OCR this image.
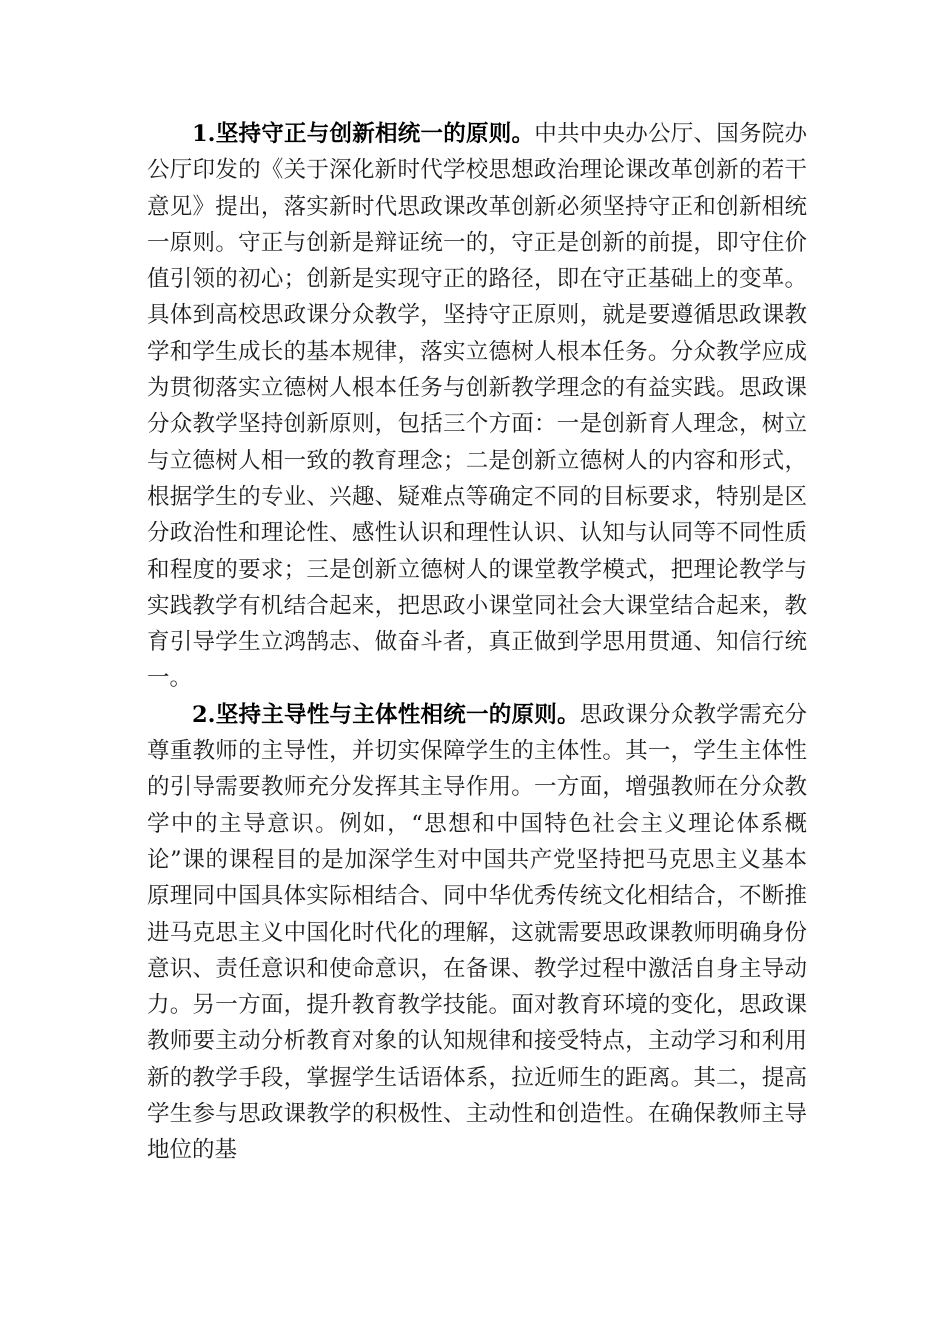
1.坚持守正与创新相统一的原则。中共中央办公厅、国务院办公厅印发的《关于深化新时代学校思想政治理论课改革创新的若干意见》提出，落实新时代思政课改革创新必须坚持守正和创新相统一原则。守正与创新是辩证统一的，守正是创新的前提，即守住价值引领的初心；创新是实现守正的路径，即在守正基础上的变革。具体到高校思政课分众教学，坚持守正原则，就是要遵循思政课教学和学生成长的基本规律，落实立德树人根本任务。分众教学应成为贯彻落实立德树人根本任务与创新教学理念的有益实践。思政课分众教学坚持创新原则，包括三个方面：一是创新育人理念，树立与立德树人相一致的教育理念；二是创新立德树人的内容和形式，根据学生的专业、兴趣、疑难点等确定不同的目标要求，特别是区分政治性和理论性、感性认识和理性认识、认知与认同等不同性质和程度的要求；三是创新立德树人的课堂教学模式，把理论教学与实践教学有机结合起来，把思政小课堂同社会大课堂结合起来，教育引导学生立鸿鹄志、做奋斗者，真正做到学思用贯通、知信行统一。

2.坚持主导性与主体性相统一的原则。思政课分众教学需充分尊重教师的主导性，并切实保障学生的主体性。其一，学生主体性的引导需要教师充分发挥其主导作用。一方面，增强教师在分众教学中的主导意识。例如，“思想和中国特色社会主义理论体系概论”课的课程目的是加深学生对中国共产党坚持把马克思主义基本原理同中国具体实际相结合、同中华优秀传统文化相结合，不断推进马克思主义中国化时代化的理解，这就需要思政课教师明确身份意识、责任意识和使命意识，在备课、教学过程中激活自身主导动力。另一方面，提升教育教学技能。面对教育环境的变化，思政课教师要主动分析教育对象的认知规律和接受特点，主动学习和利用新的教学手段，掌握学生话语体系，拉近师生的距离。其二，提高学生参与思政课教学的积极性、主动性和创造性。在确保教师主导地位的基
